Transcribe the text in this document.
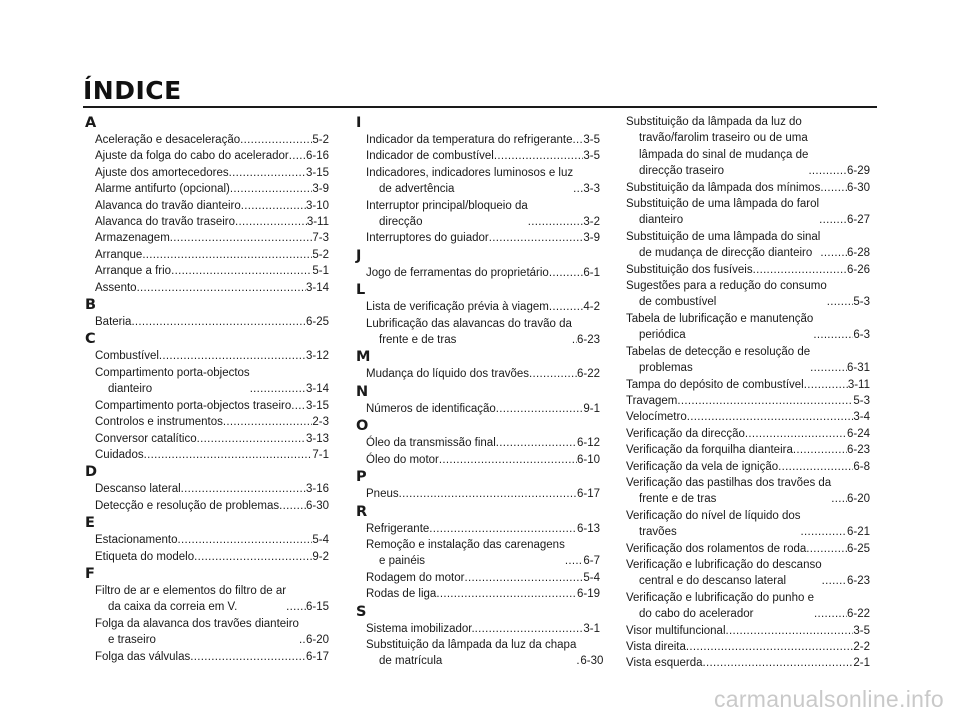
ÍNDICE
A
Aceleração e desaceleração .....	5-2
Ajuste da folga do cabo do acelerador ..... 6-16
Ajuste dos amortecedores .....	3-15
Alarme antifurto (opcional) .....	3-9
Alavanca do travão dianteiro .....	3-10
Alavanca do travão traseiro .....	3-11
Armazenagem .....	7-3
Arranque .....	5-2
Arranque a frio .....	5-1
Assento .....	3-14
B
Bateria .....	6-25
C
Combustível .....	3-12
Compartimento porta-objectos
dianteiro .....	3-14
Compartimento porta-objectos traseiro ..... 3-15
Controlos e instrumentos .....	2-3
Conversor catalítico .....	3-13
Cuidados .....	7-1
D
Descanso lateral .....	3-16
Detecção e resolução de problemas ..... 6-30
E
Estacionamento .....	5-4
Etiqueta do modelo .....	9-2
F
Filtro de ar e elementos do filtro de ar
da caixa da correia em V. .....	6-15
Folga da alavanca dos travões dianteiro
e traseiro .....	6-20
Folga das válvulas .....	6-17
I
Indicador da temperatura do refrigerante ..... 3-5
Indicador de combustível .....	3-5
Indicadores, indicadores luminosos e luz
de advertência .....	3-3
Interruptor principal/bloqueio da
direcção .....	3-2
Interruptores do guiador .....	3-9
J
Jogo de ferramentas do proprietário .....	6-1
L
Lista de verificação prévia à viagem .....	4-2
Lubrificação das alavancas do travão da
frente e de tras .....	6-23
M
Mudança do líquido dos travões .....	6-22
N
Números de identificação .....	9-1
O
Óleo da transmissão final .....	6-12
Óleo do motor .....	6-10
P
Pneus .....	6-17
R
Refrigerante .....	6-13
Remoção e instalação das carenagens
e painéis .....	6-7
Rodagem do motor .....	5-4
Rodas de liga .....	6-19
S
Sistema imobilizador. .....	3-1
Substituição da lâmpada da luz da chapa
de matrícula .....	6-30
Substituição da lâmpada da luz do
travão/farolim traseiro ou de uma
lâmpada do sinal de mudança de
direcção traseiro .....	6-29
Substituição da lâmpada dos mínimos ..... 6-30
Substituição de uma lâmpada do farol
dianteiro .....	6-27
Substituição de uma lâmpada do sinal
de mudança de direcção dianteiro .....	6-28
Substituição dos fusíveis .....	6-26
Sugestões para a redução do consumo
de combustível .....	5-3
Tabela de lubrificação e manutenção
periódica .....	6-3
Tabelas de detecção e resolução de
problemas .....	6-31
Tampa do depósito de combustível .....	3-11
Travagem .....	5-3
Velocímetro .....	3-4
Verificação da direcção .....	6-24
Verificação da forquilha dianteira .....	6-23
Verificação da vela de ignição .....	6-8
Verificação das pastilhas dos travões da
frente e de tras .....	6-20
Verificação do nível de líquido dos
travões .....	6-21
Verificação dos rolamentos de roda .....	6-25
Verificação e lubrificação do descanso
central e do descanso lateral .....	6-23
Verificação e lubrificação do punho e
do cabo do acelerador .....	6-22
Visor multifuncional .....	3-5
Vista direita .....	2-2
Vista esquerda .....	2-1
carmanualsonline.info
